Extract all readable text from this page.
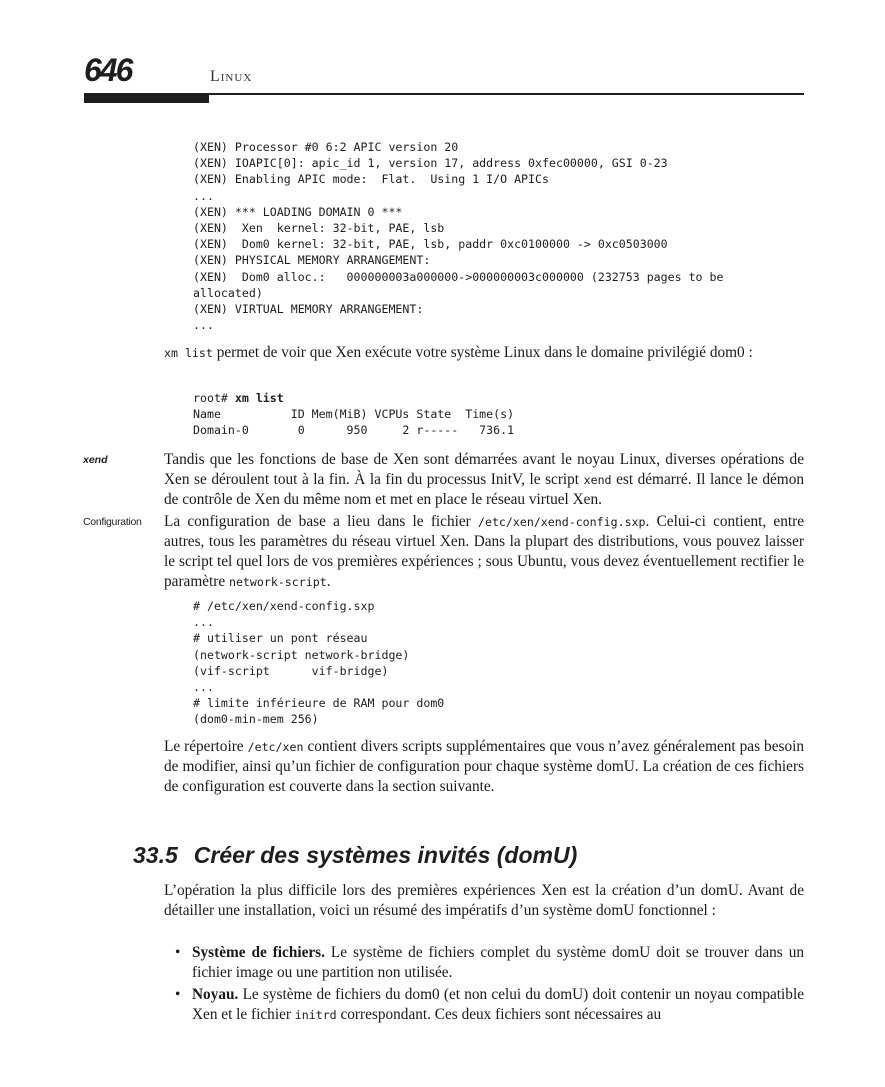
646	Linux
(XEN) Processor #0 6:2 APIC version 20
(XEN) IOAPIC[0]: apic_id 1, version 17, address 0xfec00000, GSI 0-23
(XEN) Enabling APIC mode:  Flat.  Using 1 I/O APICs
...
(XEN) *** LOADING DOMAIN 0 ***
(XEN)  Xen  kernel: 32-bit, PAE, lsb
(XEN)  Dom0 kernel: 32-bit, PAE, lsb, paddr 0xc0100000 -> 0xc0503000
(XEN) PHYSICAL MEMORY ARRANGEMENT:
(XEN)  Dom0 alloc.:   000000003a000000->000000003c000000 (232753 pages to be
allocated)
(XEN) VIRTUAL MEMORY ARRANGEMENT:
...

xm list permet de voir que Xen exécute votre système Linux dans le domaine privilégié dom0 :

root# xm list
Name          ID Mem(MiB) VCPUs State  Time(s)
Domain-0       0      950     2 r-----   736.1
xend	Tandis que les fonctions de base de Xen sont démarrées avant le noyau Linux, diverses opérations de Xen se déroulent tout à la fin. À la fin du processus InitV, le script xend est démarré. Il lance le démon de contrôle de Xen du même nom et met en place le réseau virtuel Xen.

Configuration La configuration de base a lieu dans le fichier /etc/xen/xend-config.sxp. Celui-ci contient, entre autres, tous les paramètres du réseau virtuel Xen. Dans la plupart des distributions, vous pouvez laisser le script tel quel lors de vos premières expériences ; sous Ubuntu, vous devez éventuellement rectifier le paramètre network-script.

# /etc/xen/xend-config.sxp
...
# utiliser un pont réseau
(network-script network-bridge)
(vif-script      vif-bridge)
...
# limite inférieure de RAM pour dom0
(dom0-min-mem 256)

Le répertoire /etc/xen contient divers scripts supplémentaires que vous n’avez généralement pas besoin de modifier, ainsi qu’un fichier de configuration pour chaque système domU. La création de ces fichiers de configuration est couverte dans la section suivante.

33.5 Créer des systèmes invités (domU)

L’opération la plus difficile lors des premières expériences Xen est la création d’un domU. Avant de détailler une installation, voici un résumé des impératifs d’un système domU fonctionnel :

• Système de fichiers. Le système de fichiers complet du système domU doit se trouver dans un fichier image ou une partition non utilisée.
• Noyau. Le système de fichiers du dom0 (et non celui du domU) doit contenir un noyau compatible Xen et le fichier initrd correspondant. Ces deux fichiers sont nécessaires au
